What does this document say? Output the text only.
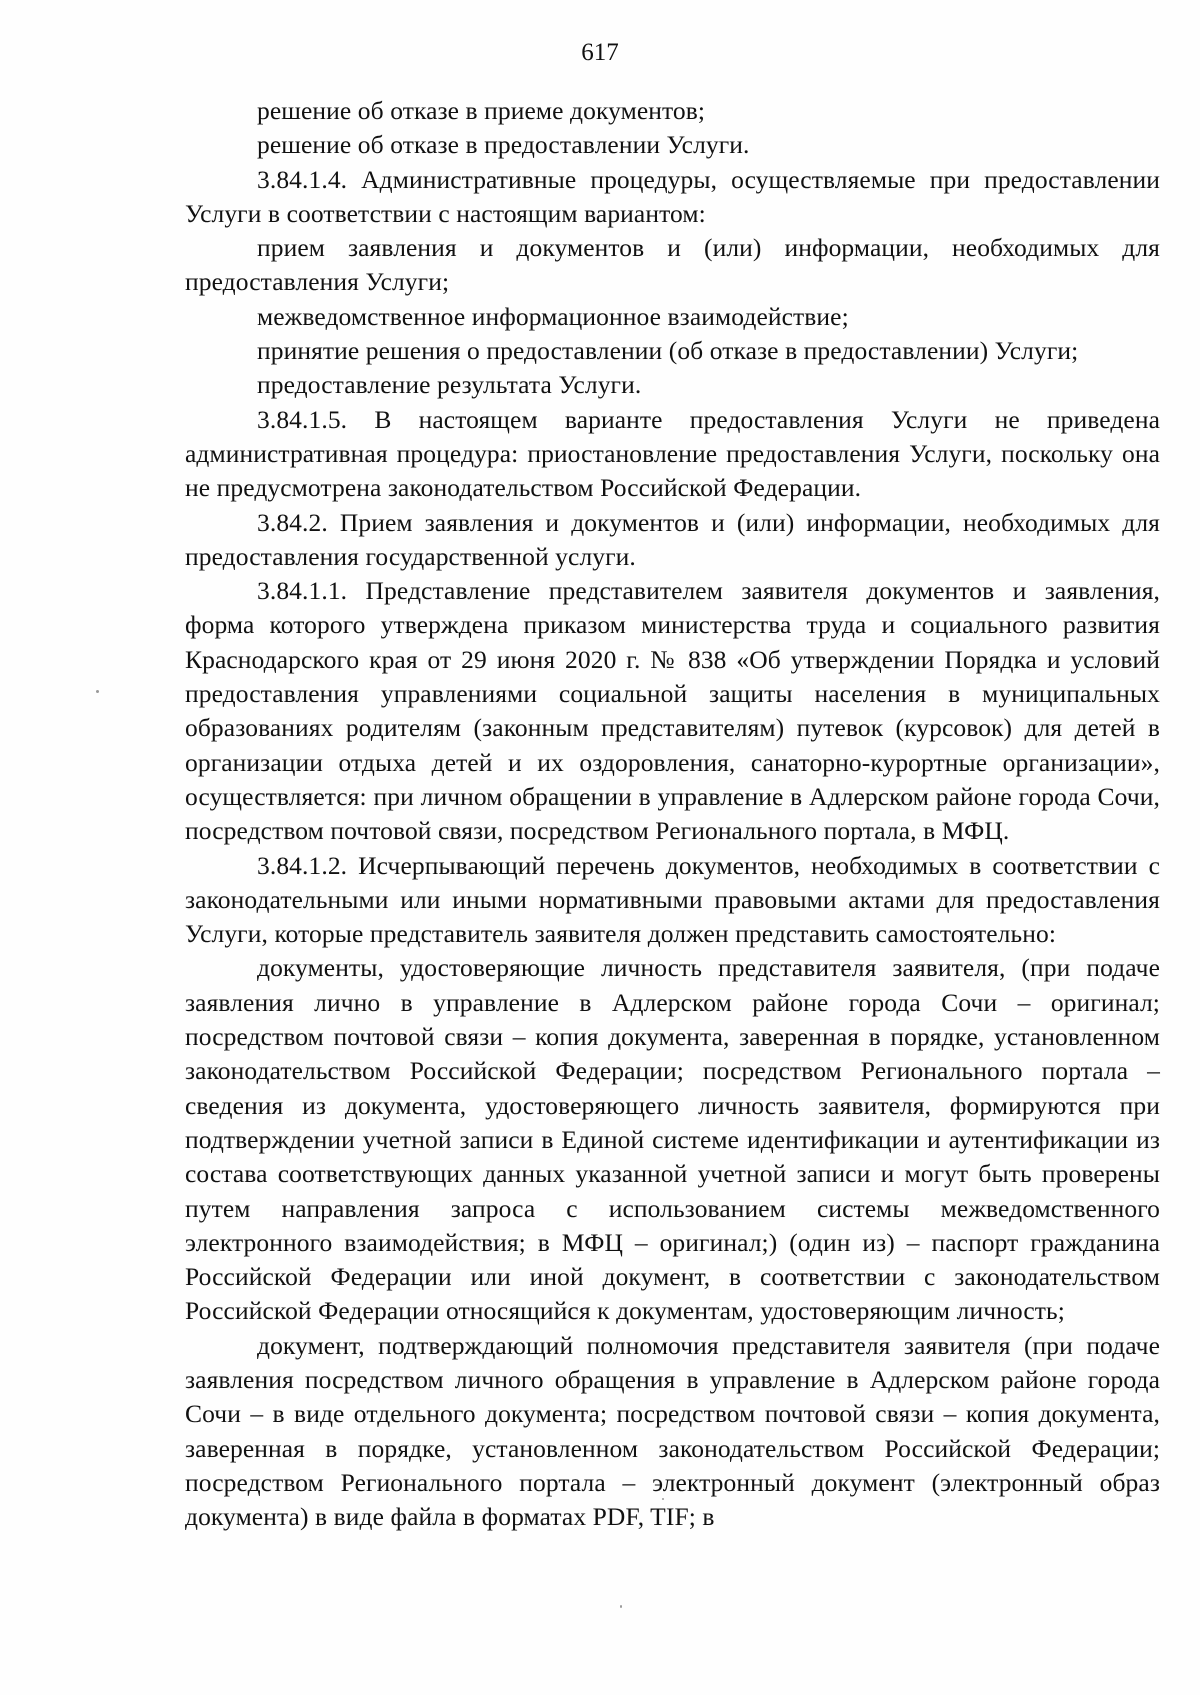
617

решение об отказе в приеме документов;

решение об отказе в предоставлении Услуги.

3.84.1.4. Административные процедуры, осуществляемые при предоставлении Услуги в соответствии с настоящим вариантом:

прием заявления и документов и (или) информации, необходимых для предоставления Услуги;

межведомственное информационное взаимодействие;

принятие решения о предоставлении (об отказе в предоставлении) Услуги;

предоставление результата Услуги.

3.84.1.5. В настоящем варианте предоставления Услуги не приведена административная процедура: приостановление предоставления Услуги, поскольку она не предусмотрена законодательством Российской Федерации.

3.84.2. Прием заявления и документов и (или) информации, необходимых для предоставления государственной услуги.

3.84.1.1. Представление представителем заявителя документов и заявления, форма которого утверждена приказом министерства труда и социального развития Краснодарского края от 29 июня 2020 г. № 838 «Об утверждении Порядка и условий предоставления управлениями социальной защиты населения в муниципальных образованиях родителям (законным представителям) путевок (курсовок) для детей в организации отдыха детей и их оздоровления, санаторно-курортные организации», осуществляется: при личном обращении в управление в Адлерском районе города Сочи, посредством почтовой связи, посредством Регионального портала, в МФЦ.

3.84.1.2. Исчерпывающий перечень документов, необходимых в соответствии с законодательными или иными нормативными правовыми актами для предоставления Услуги, которые представитель заявителя должен представить самостоятельно:

документы, удостоверяющие личность представителя заявителя, (при подаче заявления лично в управление в Адлерском районе города Сочи – оригинал; посредством почтовой связи – копия документа, заверенная в порядке, установленном законодательством Российской Федерации; посредством Регионального портала – сведения из документа, удостоверяющего личность заявителя, формируются при подтверждении учетной записи в Единой системе идентификации и аутентификации из состава соответствующих данных указанной учетной записи и могут быть проверены путем направления запроса с использованием системы межведомственного электронного взаимодействия; в МФЦ – оригинал;) (один из) – паспорт гражданина Российской Федерации или иной документ, в соответствии с законодательством Российской Федерации относящийся к документам, удостоверяющим личность;

документ, подтверждающий полномочия представителя заявителя (при подаче заявления посредством личного обращения в управление в Адлерском районе города Сочи – в виде отдельного документа; посредством почтовой связи – копия документа, заверенная в порядке, установленном законодательством Российской Федерации; посредством Регионального портала – электронный документ (электронный образ документа) в виде файла в форматах PDF, TIF; в
